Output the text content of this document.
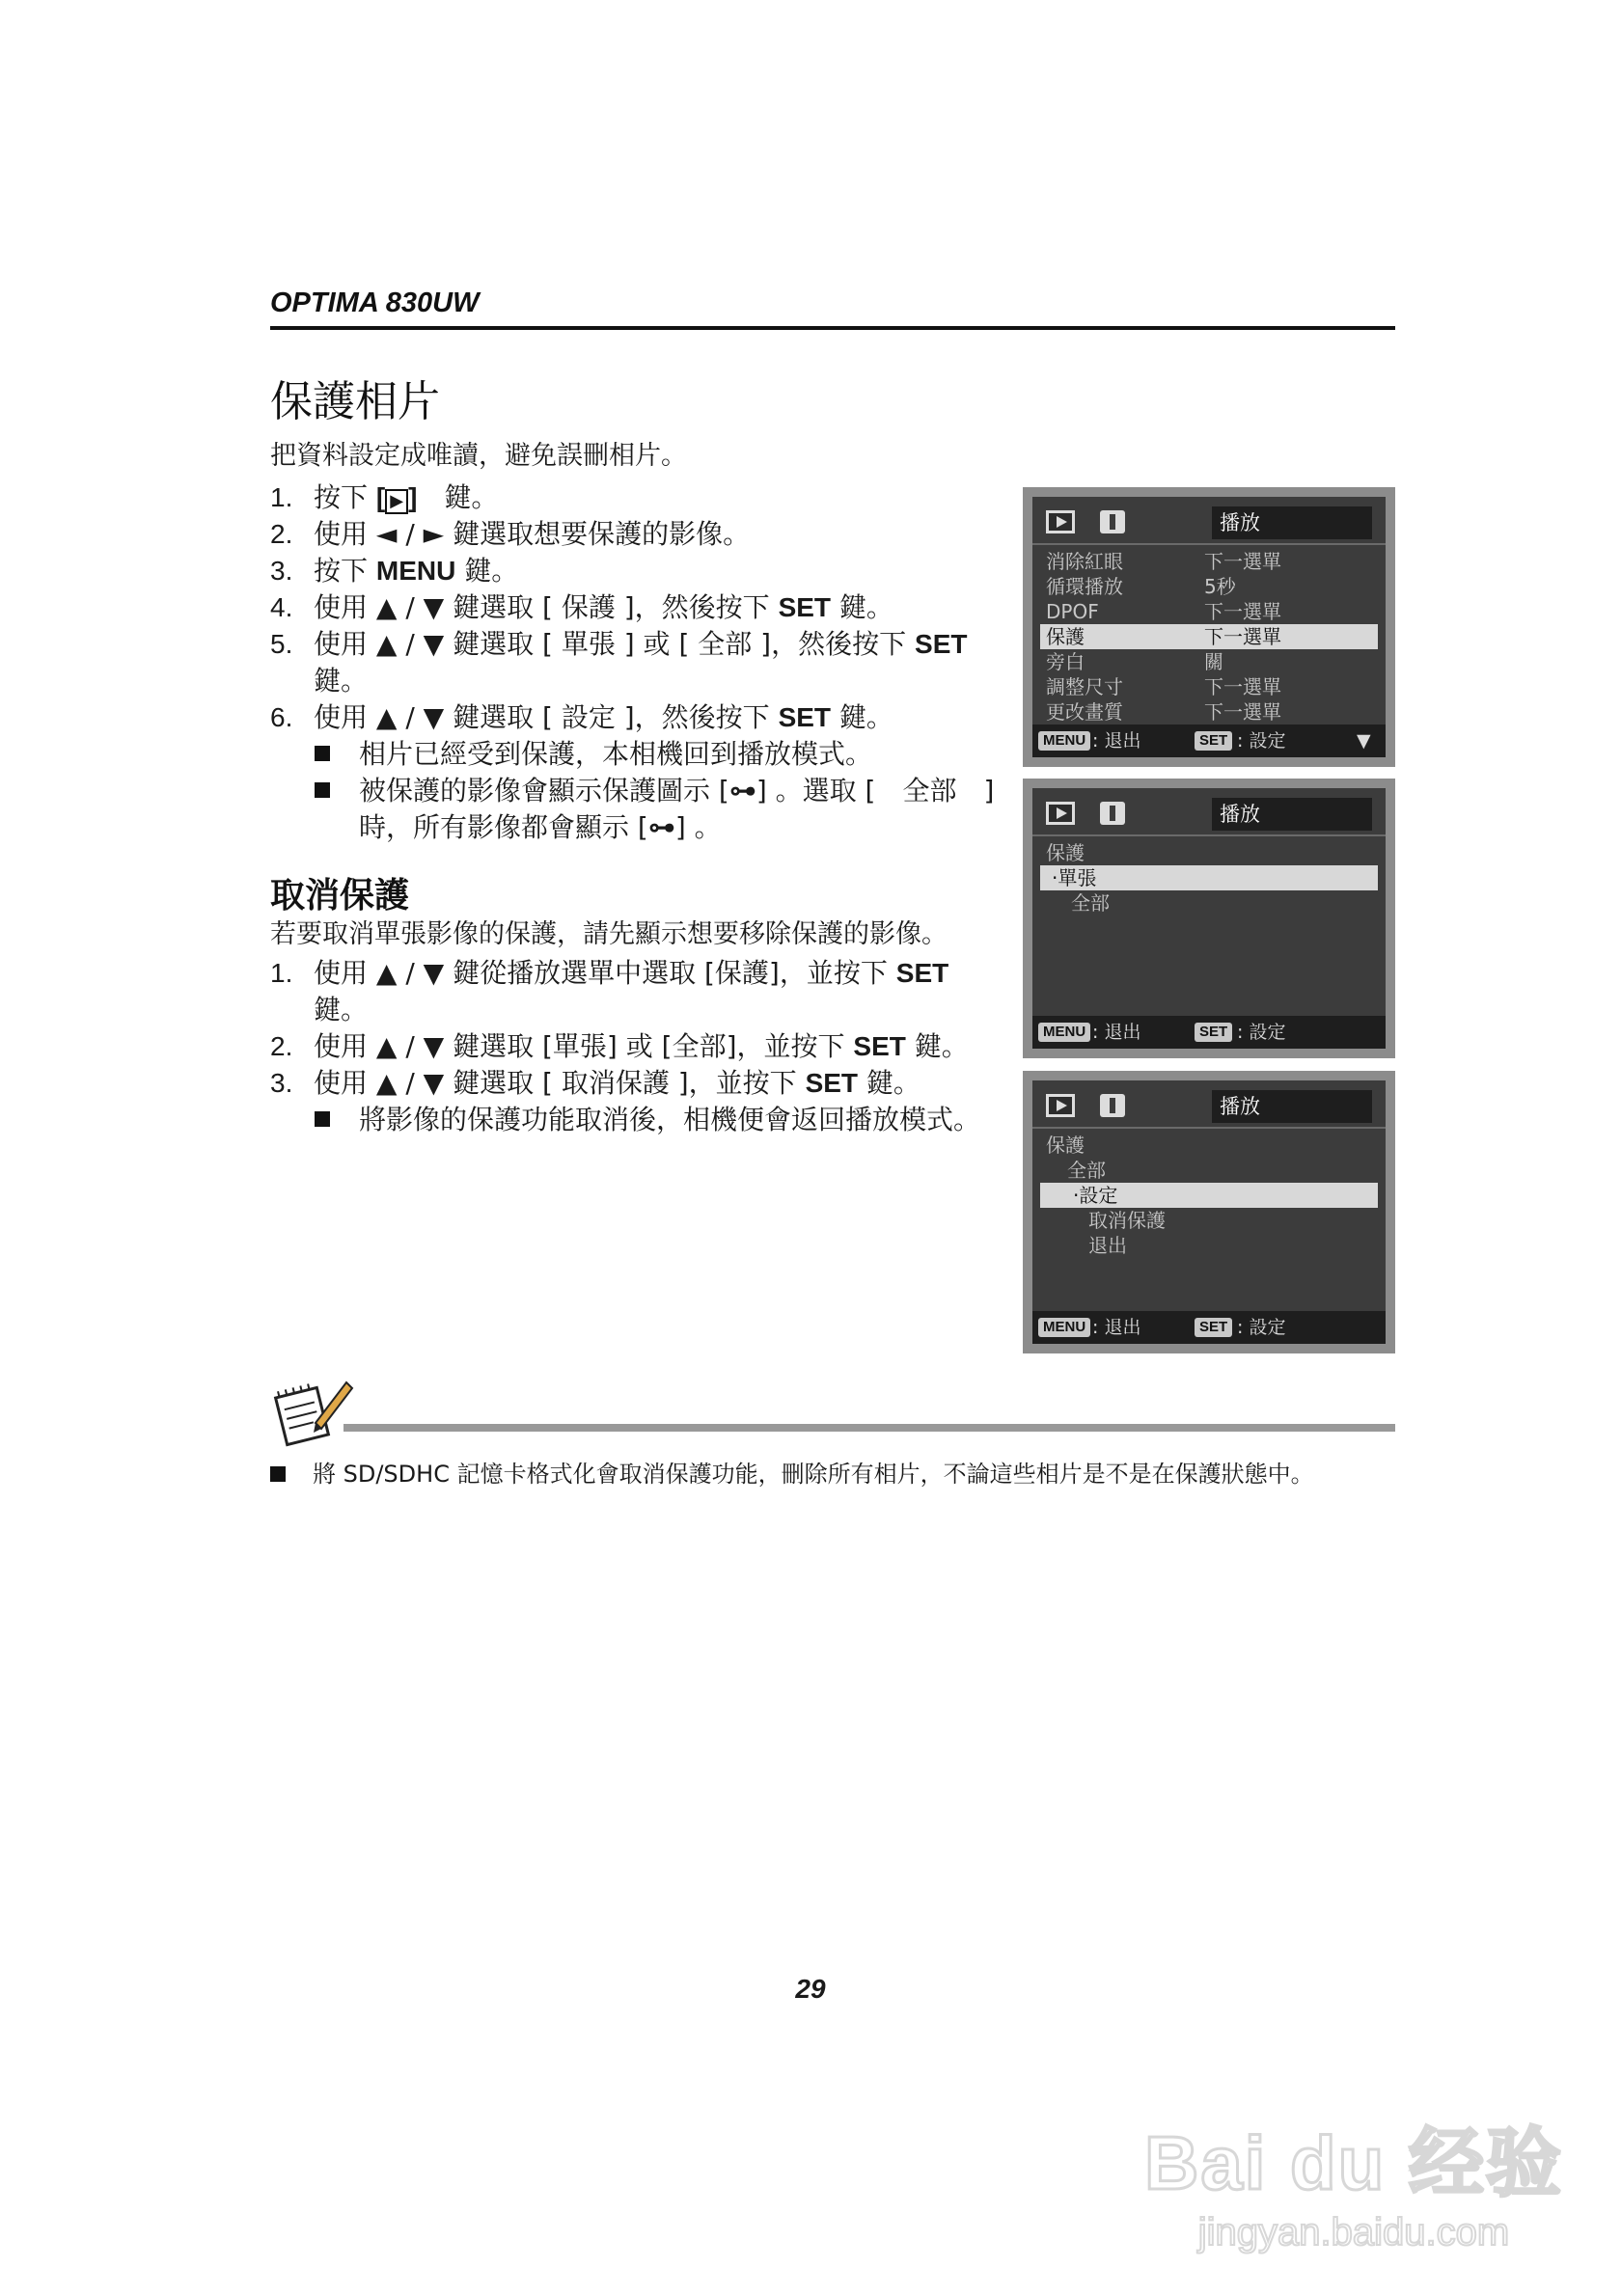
OPTIMA 830UW
保護相片
把資料設定成唯讀，避免誤刪相片。
1. 按下 [ ▶ ]　鍵。
2. 使用 ◄ / ► 鍵選取想要保護的影像。
3. 按下 MENU 鍵。
4. 使用 ▲ / ▼ 鍵選取 [ 保護 ]，然後按下 SET 鍵。
5. 使用 ▲ / ▼ 鍵選取 [ 單張 ] 或 [ 全部 ]，然後按下 SET
鍵。
6. 使用 ▲ / ▼ 鍵選取 [ 設定 ]，然後按下 SET 鍵。
相片已經受到保護，本相機回到播放模式。
被保護的影像會顯示保護圖示 [⊶] 。選取 [　全部　]
時，所有影像都會顯示 [⊶] 。
取消保護
若要取消單張影像的保護，請先顯示想要移除保護的影像。
1. 使用 ▲ / ▼ 鍵從播放選單中選取 [保護]，並按下 SET
鍵。
2. 使用 ▲ / ▼ 鍵選取 [單張] 或 [全部]，並按下 SET 鍵。
3. 使用 ▲ / ▼ 鍵選取 [ 取消保護 ]，並按下 SET 鍵。
將影像的保護功能取消後，相機便會返回播放模式。
播放
消除紅眼	下一選單
循環播放	5秒
DPOF	下一選單
保護	下一選單
旁白	關
調整尺寸	下一選單
更改畫質	下一選單
MENU : 退出	SET : 設定	▼
播放
保護
‧單張
　全部
MENU : 退出	SET : 設定
播放
保護
全部
‧設定
取消保護
退出
MENU : 退出	SET : 設定
將 SD/SDHC 記憶卡格式化會取消保護功能，刪除所有相片，不論這些相片是不是在保護狀態中。
29
Bai du 经验
jingyan.baidu.com
